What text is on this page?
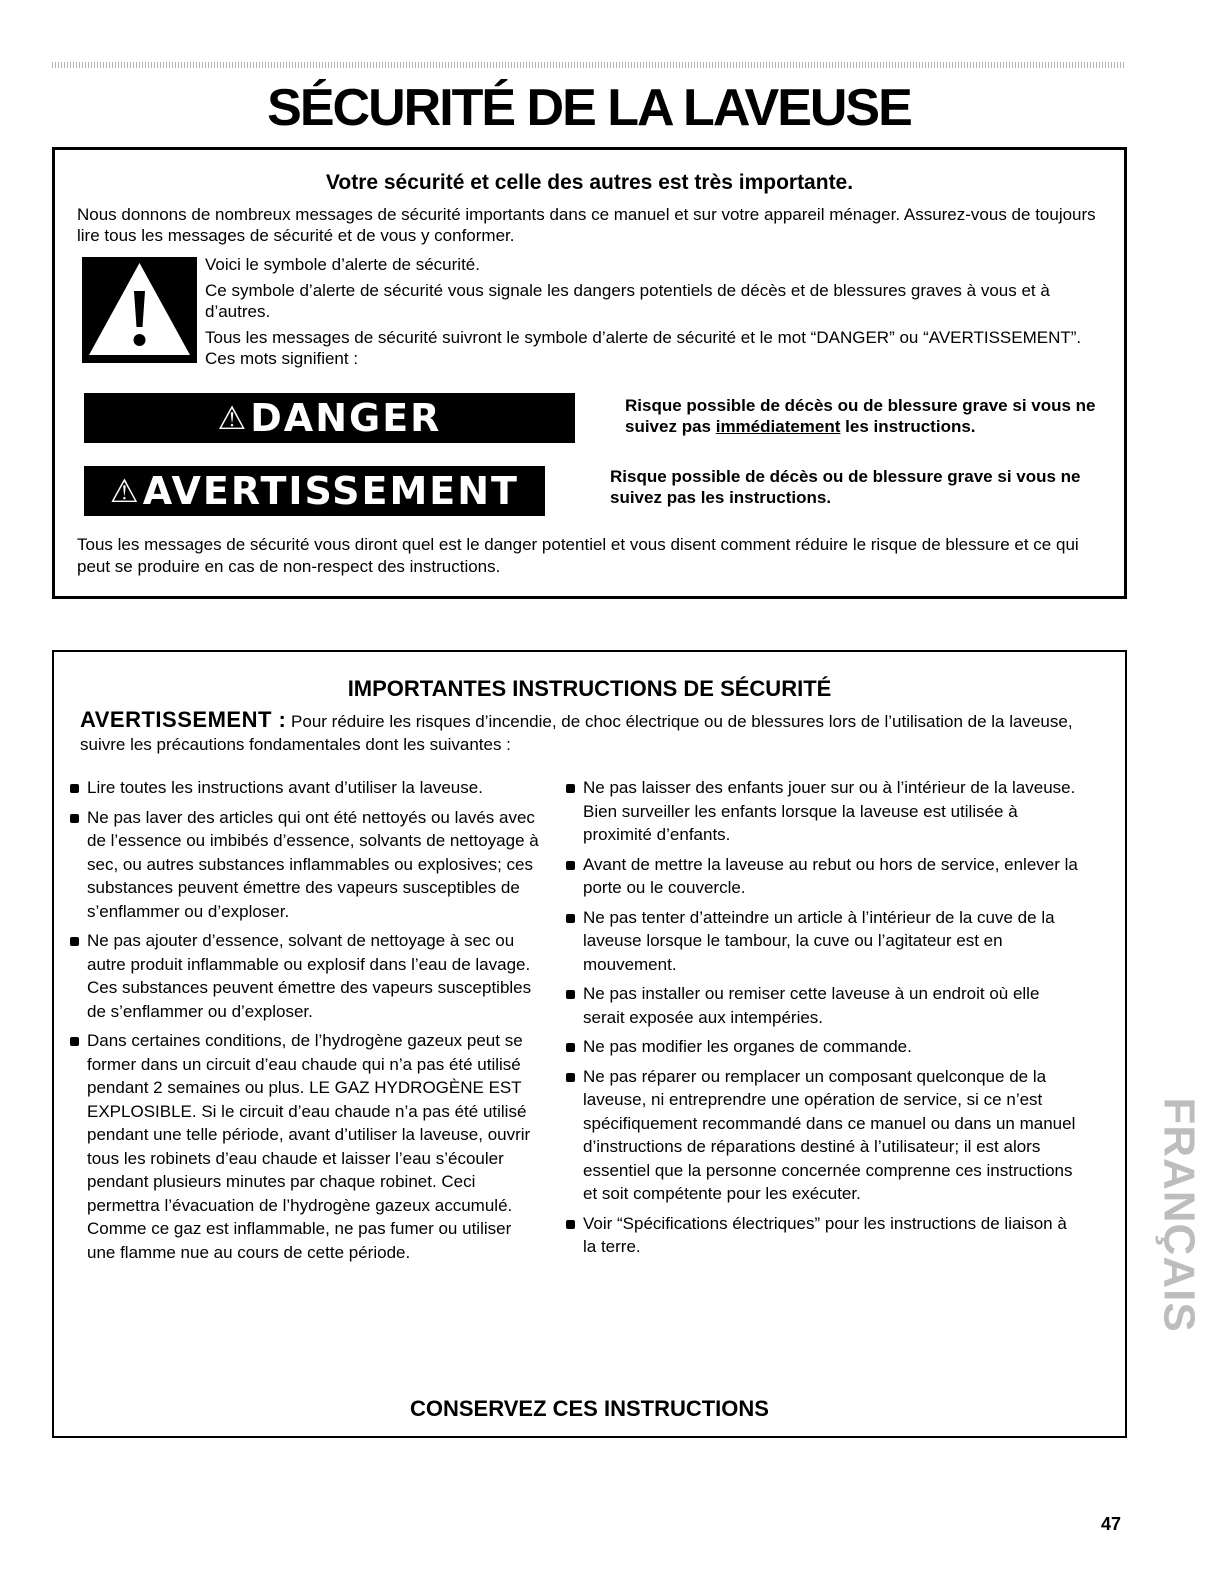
SÉCURITÉ DE LA LAVEUSE
Votre sécurité et celle des autres est très importante.

Nous donnons de nombreux messages de sécurité importants dans ce manuel et sur votre appareil ménager. Assurez-vous de toujours lire tous les messages de sécurité et de vous y conformer.

Voici le symbole d’alerte de sécurité.

Ce symbole d’alerte de sécurité vous signale les dangers potentiels de décès et de blessures graves à vous et à d’autres.

Tous les messages de sécurité suivront le symbole d’alerte de sécurité et le mot “DANGER” ou “AVERTISSEMENT”. Ces mots signifient :

⚠ DANGER	Risque possible de décès ou de blessure grave si vous ne suivez pas immédiatement les instructions.

⚠ AVERTISSEMENT	Risque possible de décès ou de blessure grave si vous ne suivez pas les instructions.

Tous les messages de sécurité vous diront quel est le danger potentiel et vous disent comment réduire le risque de blessure et ce qui peut se produire en cas de non-respect des instructions.

IMPORTANTES INSTRUCTIONS DE SÉCURITÉ

AVERTISSEMENT : Pour réduire les risques d’incendie, de choc électrique ou de blessures lors de l’utilisation de la laveuse, suivre les précautions fondamentales dont les suivantes :

Lire toutes les instructions avant d’utiliser la laveuse.
Ne pas laver des articles qui ont été nettoyés ou lavés avec de l’essence ou imbibés d’essence, solvants de nettoyage à sec, ou autres substances inflammables ou explosives; ces substances peuvent émettre des vapeurs susceptibles de s’enflammer ou d’exploser.
Ne pas ajouter d’essence, solvant de nettoyage à sec ou autre produit inflammable ou explosif dans l’eau de lavage. Ces substances peuvent émettre des vapeurs susceptibles de s’enflammer ou d’exploser.
Dans certaines conditions, de l’hydrogène gazeux peut se former dans un circuit d’eau chaude qui n’a pas été utilisé pendant 2 semaines ou plus. LE GAZ HYDROGÈNE EST EXPLOSIBLE. Si le circuit d’eau chaude n’a pas été utilisé pendant une telle période, avant d’utiliser la laveuse, ouvrir tous les robinets d’eau chaude et laisser l’eau s’écouler pendant plusieurs minutes par chaque robinet. Ceci permettra l’évacuation de l’hydrogène gazeux accumulé. Comme ce gaz est inflammable, ne pas fumer ou utiliser une flamme nue au cours de cette période.
Ne pas laisser des enfants jouer sur ou à l’intérieur de la laveuse. Bien surveiller les enfants lorsque la laveuse est utilisée à proximité d’enfants.
Avant de mettre la laveuse au rebut ou hors de service, enlever la porte ou le couvercle.
Ne pas tenter d’atteindre un article à l’intérieur de la cuve de la laveuse lorsque le tambour, la cuve ou l’agitateur est en mouvement.
Ne pas installer ou remiser cette laveuse à un endroit où elle serait exposée aux intempéries.
Ne pas modifier les organes de commande.
Ne pas réparer ou remplacer un composant quelconque de la laveuse, ni entreprendre une opération de service, si ce n’est spécifiquement recommandé dans ce manuel ou dans un manuel d’instructions de réparations destiné à l’utilisateur; il est alors essentiel que la personne concernée comprenne ces instructions et soit compétente pour les exécuter.
Voir “Spécifications électriques” pour les instructions de liaison à la terre.

CONSERVEZ CES INSTRUCTIONS

FRANÇAIS
47
